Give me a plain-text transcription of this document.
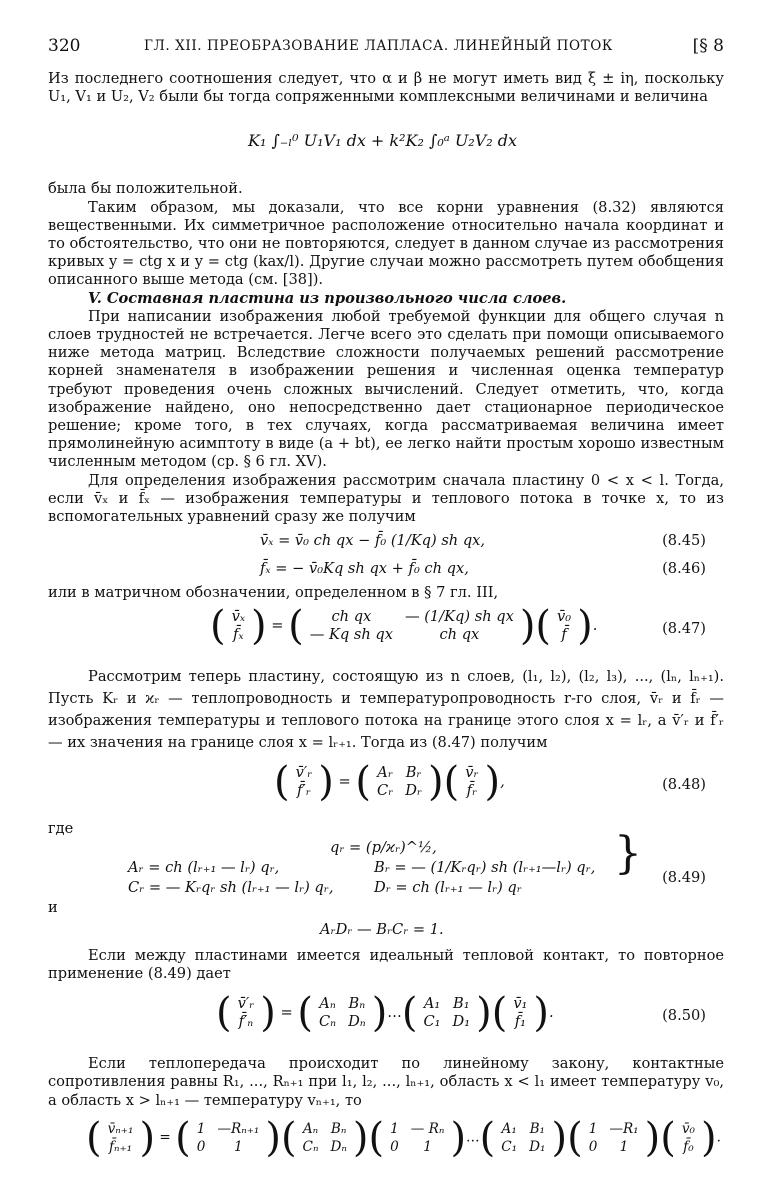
320	ГЛ. XII. ПРЕОБРАЗОВАНИЕ ЛАПЛАСА. ЛИНЕЙНЫЙ ПОТОК	[§ 8

Из последнего соотношения следует, что α и β не могут иметь вид ξ ± iη, поскольку U₁, V₁ и U₂, V₂ были бы тогда сопряженными комплексными величинами и величина

K₁ ∫₋ₗ⁰ U₁V₁ dx + k²K₂ ∫₀ᵃ U₂V₂ dx

была бы положительной.

Таким образом, мы доказали, что все корни уравнения (8.32) являются вещественными. Их симметричное расположение относительно начала координат и то обстоятельство, что они не повторяются, следует в данном случае из рассмотрения кривых y = ctg x и y = ctg (kax/l). Другие случаи можно рассмотреть путем обобщения описанного выше метода (см. [38]).

V. Составная пластина из произвольного числа слоев.

При написании изображения любой требуемой функции для общего случая n слоев трудностей не встречается. Легче всего это сделать при помощи описываемого ниже метода матриц. Вследствие сложности получаемых решений рассмотрение корней знаменателя в изображении решения и численная оценка температур требуют проведения очень сложных вычислений. Следует отметить, что, когда изображение найдено, оно непосредственно дает стационарное периодическое решение; кроме того, в тех случаях, когда рассматриваемая величина имеет прямолинейную асимптоту в виде (a + bt), ее легко найти простым хорошо известным численным методом (ср. § 6 гл. XV).

Для определения изображения рассмотрим сначала пластину 0 < x < l. Тогда, если v̄ₓ и f̄ₓ — изображения температуры и теплового потока в точке x, то из вспомогательных уравнений сразу же получим

v̄ₓ = v̄₀ ch qx − f̄₀ (1/Kq) sh qx,	(8.45)
f̄ₓ = − v̄₀Kq sh qx + f̄₀ ch qx,	(8.46)

или в матричном обозначении, определенном в § 7 гл. III,

( v̄ₓ
f̄ₓ ) = ( ch qx	— (1/Kq) sh qx
— Kq sh qx	ch qx )( v̄₀
f̄ ).	(8.47)

Рассмотрим теперь пластину, состоящую из n слоев, (l₁, l₂), (l₂, l₃), ..., (lₙ, lₙ₊₁). Пусть Kᵣ и ϰᵣ — теплопроводность и температуропроводность r-го слоя, v̄ᵣ и f̄ᵣ — изображения температуры и теплового потока на границе этого слоя x = lᵣ, а v̄′ᵣ и f̄′ᵣ — их значения на границе слоя x = lᵣ₊₁. Тогда из (8.47) получим

( v̄′ᵣ
f̄′ᵣ ) = ( Aᵣ	Bᵣ
Cᵣ	Dᵣ )( v̄ᵣ
f̄ᵣ ),	(8.48)

где

qᵣ = (p/ϰᵣ)^½,
Aᵣ = ch (lᵣ₊₁ — lᵣ) qᵣ,	Bᵣ = — (1/Kᵣqᵣ) sh (lᵣ₊₁—lᵣ) qᵣ,
Cᵣ = — Kᵣqᵣ sh (lᵣ₊₁ — lᵣ) qᵣ,	Dᵣ = ch (lᵣ₊₁ — lᵣ) qᵣ
} (8.49)

и

AᵣDᵣ — BᵣCᵣ = 1.

Если между пластинами имеется идеальный тепловой контакт, то повторное применение (8.49) дает

( v̄′ᵣ
f̄′ₙ ) = ( Aₙ	Bₙ
Cₙ	Dₙ )…( A₁	B₁
C₁	D₁ )( v̄₁
f̄₁ ).	(8.50)

Если теплопередача происходит по линейному закону, контактные сопротивления равны R₁, ..., Rₙ₊₁ при l₁, l₂, ..., lₙ₊₁, область x < l₁ имеет температуру v₀, а область x > lₙ₊₁ — температуру vₙ₊₁, то

( v̄ₙ₊₁
f̄ₙ₊₁ ) = ( 1	—Rₙ₊₁
0	1 )( Aₙ	Bₙ
Cₙ	Dₙ )( 1	— Rₙ
0	1 )…( A₁	B₁
C₁	D₁ )( 1	—R₁
0	1 )( v̄₀
f̄₀ ).
